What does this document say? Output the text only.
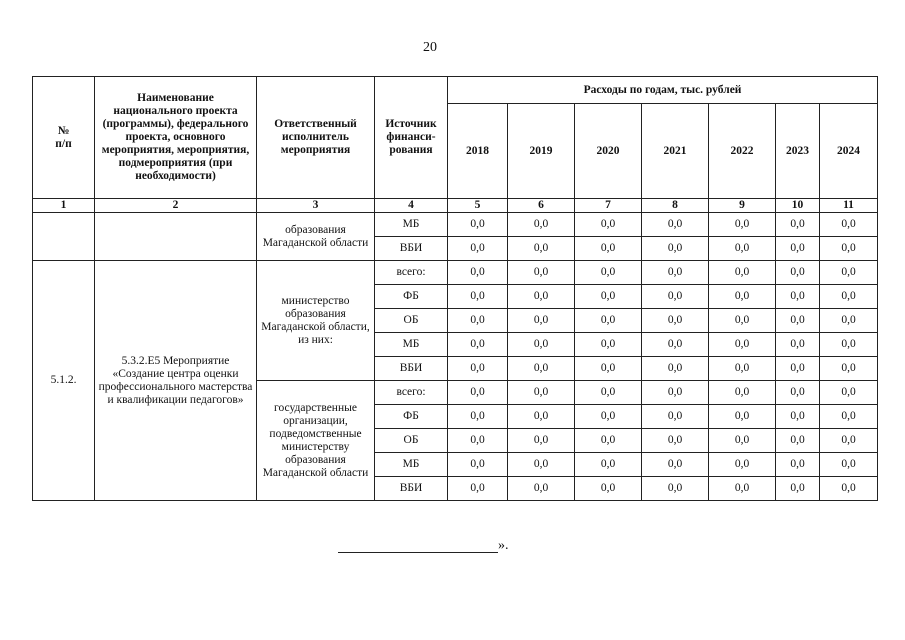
20
№
п/п	Наименование национального проекта (программы), федерального проекта, основного мероприятия, мероприятия, подмероприятия (при необходимости)	Ответственный исполнитель мероприятия	Источник финанси-рования	Расходы по годам, тыс. рублей						
				2018	2019	2020	2021	2022	2023	2024
1	2	3	4	5	6	7	8	9	10	11
		образования Магаданской области	МБ	0,0	0,0	0,0	0,0	0,0	0,0	0,0
			ВБИ	0,0	0,0	0,0	0,0	0,0	0,0	0,0
5.1.2.	5.3.2.Е5 Мероприятие «Создание центра оценки профессионального мастерства и квалификации педагогов»	министерство образования Магаданской области, из них:	всего:	0,0	0,0	0,0	0,0	0,0	0,0	0,0
			ФБ	0,0	0,0	0,0	0,0	0,0	0,0	0,0
			ОБ	0,0	0,0	0,0	0,0	0,0	0,0	0,0
			МБ	0,0	0,0	0,0	0,0	0,0	0,0	0,0
			ВБИ	0,0	0,0	0,0	0,0	0,0	0,0	0,0
		государственные организации, подведомственные министерству образования Магаданской области	всего:	0,0	0,0	0,0	0,0	0,0	0,0	0,0
			ФБ	0,0	0,0	0,0	0,0	0,0	0,0	0,0
			ОБ	0,0	0,0	0,0	0,0	0,0	0,0	0,0
			МБ	0,0	0,0	0,0	0,0	0,0	0,0	0,0
			ВБИ	0,0	0,0	0,0	0,0	0,0	0,0	0,0
».
